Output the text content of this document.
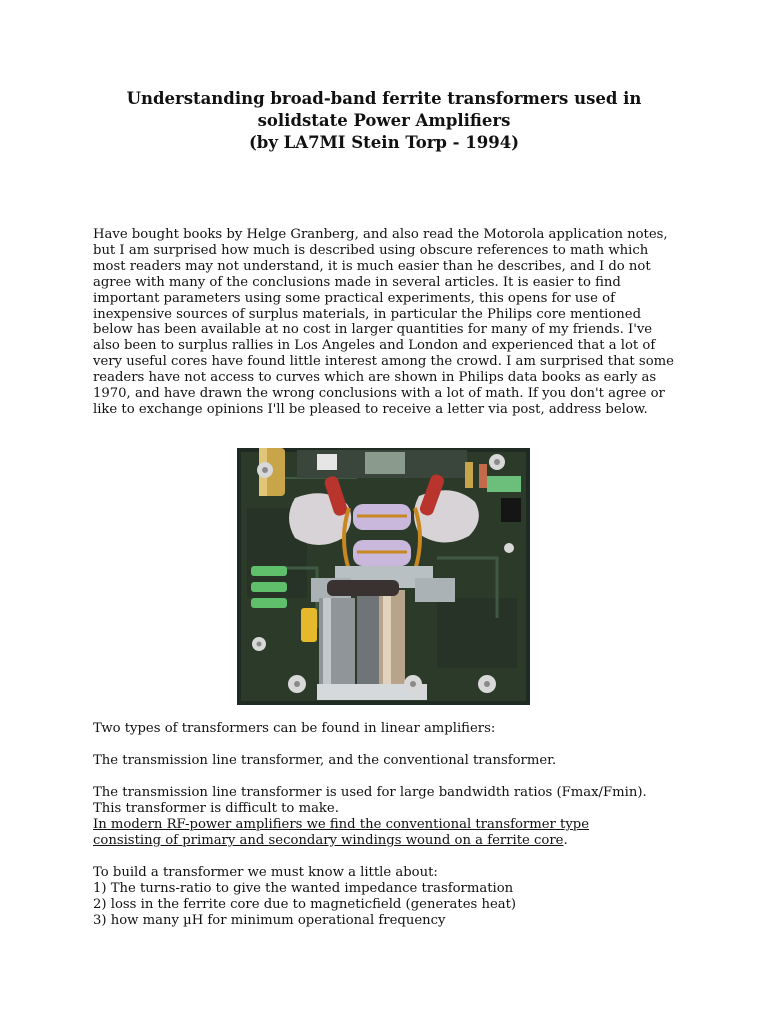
Understanding broad-band ferrite transformers used in
solidstate Power Amplifiers
(by LA7MI Stein Torp - 1994)

Have bought books by Helge Granberg, and also read the Motorola application notes, but I am surprised how much is described using obscure references to math which most readers may not understand, it is much easier than he describes, and I do not agree with many of the conclusions made in several articles. It is easier to find important parameters using some practical experiments, this opens for use of inexpensive sources of surplus materials, in particular the Philips core mentioned below has been available at no cost in larger quantities for many of my friends. I've also been to surplus rallies in Los Angeles and London and experienced that a lot of very useful cores have found little interest among the crowd. I am surprised that some readers have not access to curves which are shown in Philips data books as early as 1970, and have drawn the wrong conclusions with a lot of math. If you don't agree or like to exchange opinions I'll be pleased to receive a letter via post, address below.

Two types of transformers can be found in linear amplifiers:
The transmission line transformer, and the conventional transformer.
The transmission line transformer is used for large bandwidth ratios (Fmax/Fmin).
This transformer is difficult to make.
In modern RF-power amplifiers we find the conventional transformer type
consisting of primary and secondary windings wound on a ferrite core.
To build a transformer we must know a little about:
1) The turns-ratio to give the wanted impedance trasformation
2) loss in the ferrite core due to magneticfield (generates heat)
3) how many µH for minimum operational frequency
